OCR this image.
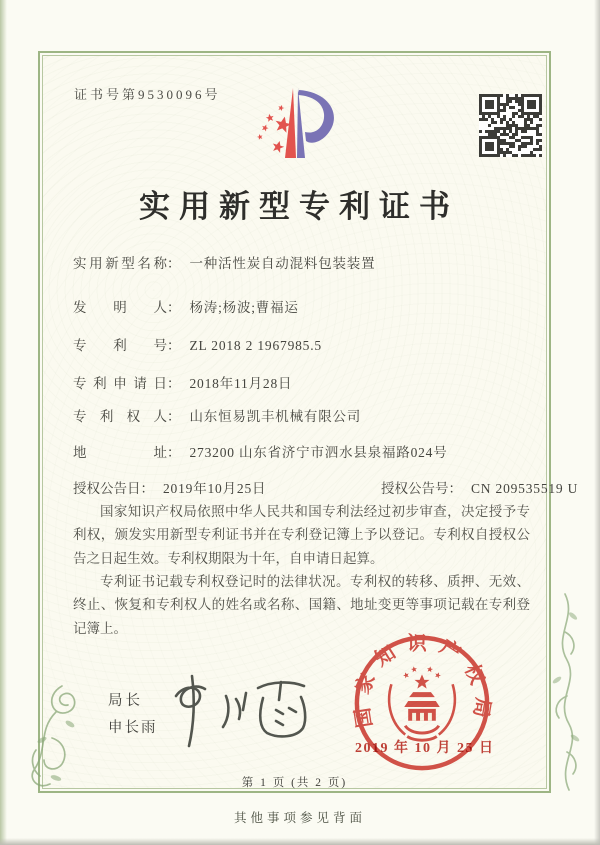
证书号第9530096号
实用新型专利证书
实用新型名称： 一种活性炭自动混料包装装置
发明人： 杨涛;杨波;曹福运
专利号： ZL 2018 2 1967985.5
专利申请日： 2018年11月28日
专利权人： 山东恒易凯丰机械有限公司
地址： 273200 山东省济宁市泗水县泉福路024号
授权公告日： 2019年10月25日	授权公告号： CN 209535519 U

国家知识产权局依照中华人民共和国专利法经过初步审查，决定授予专利权，颁发实用新型专利证书并在专利登记簿上予以登记。专利权自授权公告之日起生效。专利权期限为十年，自申请日起算。

专利证书记载专利权登记时的法律状况。专利权的转移、质押、无效、终止、恢复和专利权人的姓名或名称、国籍、地址变更等事项记载在专利登记簿上。

局长
申长雨	国家知识产权局
2019 年 10 月 25 日
第 1 页 (共 2 页)
其他事项参见背面
